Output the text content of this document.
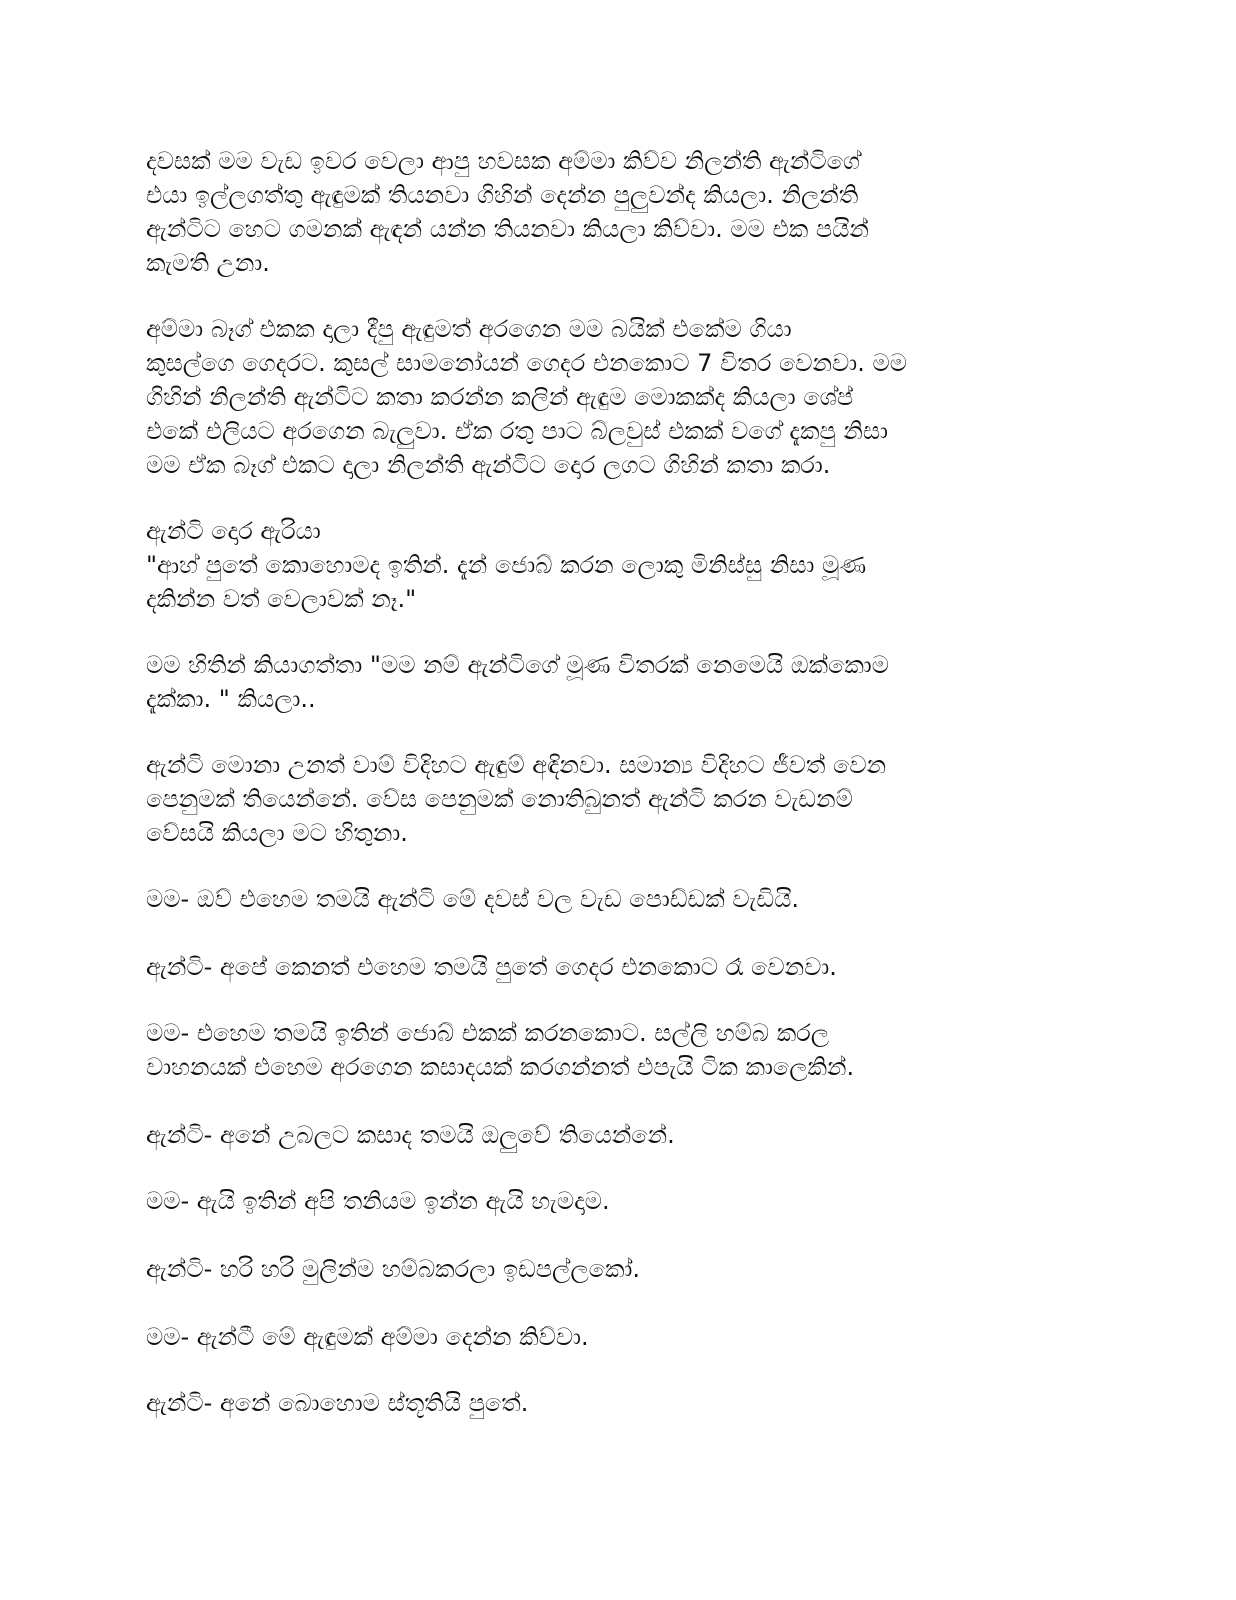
දවසක් මම වැඩ ඉවර වෙලා ආපු හවසක අම්මා කිව්ව නිලන්ති ඇන්ටිගේ
එයා ඉල්ලගත්තු ඇඳුමක් තියනවා ගිහින් දෙන්න පුලුවන්ද කියලා. නිලන්ති
ඇන්ටිට හෙට ගමනක් ඇඳන් යන්න තියනවා කියලා කිව්වා. මම එක පයින්
කැමති උනා.
අම්මා බෑග් එකක දාලා දීපු ඇඳුමත් අරගෙන මම බයික් එකේම ගියා
කුසල්ගෙ ගෙදරට. කුසල් සාමනෝයන් ගෙදර එනකොට 7 විතර වෙනවා. මම
ගිහින් නිලන්ති ඇන්ටිට කතා කරන්න කලින් ඇඳුම මොකක්ද කියලා ශේප්
එකේ එලියට අරගෙන බැලුවා. ඒක රතු පාට බ්ලවුස් එකක් වගේ දැකපු නිසා
මම ඒක බෑග් එකට දාලා නිලන්ති ඇන්ටිට දොර ලගට ගිහින් කතා කරා.
ඇන්ටි දොර ඇරියා
"ආහ් පුතේ කොහොමද ඉතින්. දැන් ජොබ් කරන ලොකු මිනිස්සු නිසා මූණ
දකින්න වත් වෙලාවක් නෑ."
මම හිතින් කියාගත්තා "මම නම් ඇන්ටිගේ මූණ විතරක් නෙමෙයි ඔක්කොම
දැක්කා. " කියලා..
ඇන්ටි මොනා උනත් වාම් විදිහට ඇඳුම් අඳිනවා. සමාන්‍ය විදිහට ජීවත් වෙන
පෙනුමක් තියෙන්නේ. වේස පෙනුමක් නොතිබුනත් ඇන්ටි කරන වැඩනම්
වේසයි කියලා මට හිතුනා.
මම- ඔව් එහෙම තමයි ඇන්ටි මේ දවස් වල වැඩ පොඩ්ඩක් වැඩියි.
ඇන්ටි- අපේ කෙනත් එහෙම තමයි පුතේ ගෙදර එනකොට රෑ වෙනවා.
මම- එහෙම තමයි ඉතින් ජොබ් එකක් කරනකොට. සල්ලි හම්බ කරල
වාහනයක් එහෙම අරගෙන කසාදයක් කරගන්නත් එපැයි ටික කාලෙකින්.
ඇන්ටි- අනේ උබලට කසාද තමයි ඔලුවේ තියෙන්නේ.
මම- ඇයි ඉතින් අපි තනියම ඉන්න ඇයි හැමදාම.
ඇන්ටි- හරි හරි මුලින්ම හම්බකරලා ඉඩපල්ලකෝ.
මම- ඇන්ටී මේ ඇඳුමක් අම්මා දෙන්න කිව්වා.
ඇන්ටි- අනේ බොහොම ස්තූතියි පුතේ.
